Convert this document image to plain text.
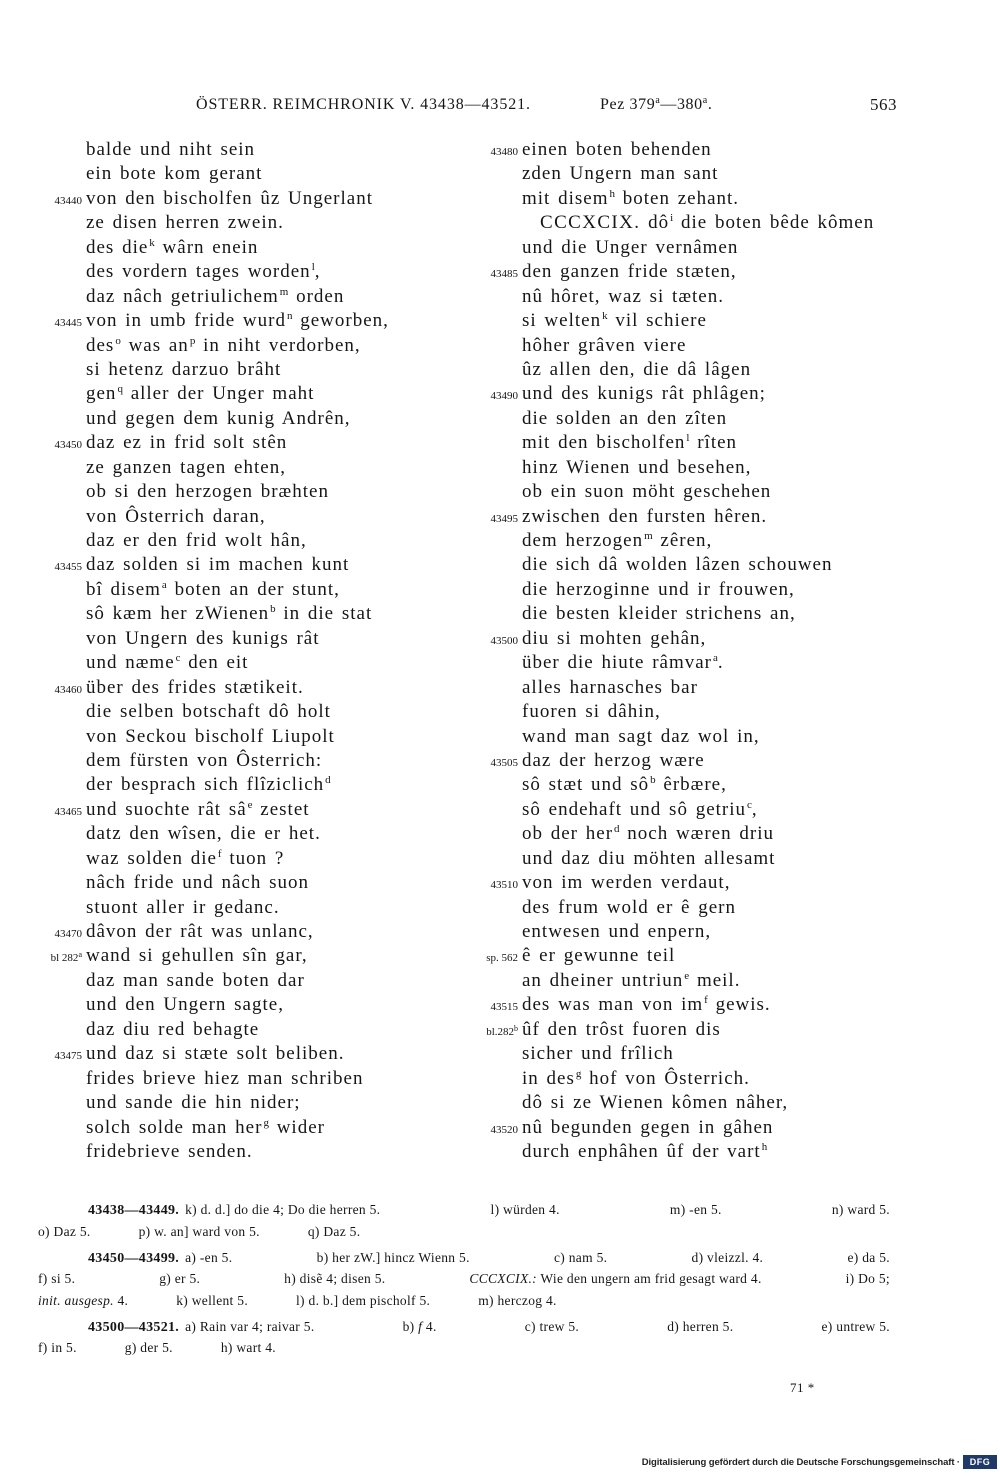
ÖSTERR. REIMCHRONIK V. 43438—43521.	Pez 379$^a$—380$^a$.	563
balde und niht sein
ein bote kom gerant
43440 von den bischolfen ûz Ungerlant
ze disen herren zwein.
des die$^k$ wârn enein
des vordern tages worden$^l$,
daz nâch getriulichem$^m$ orden
43445 von in umb fride wurd$^n$ geworben,
des$^o$ was $an^p$ in niht verdorben,
si hetenz darzuo brâht
gen$^q$ aller der Unger maht
und gegen dem kunig Andrên,
43450 daz ez in frid solt stên
ze ganzen tagen ehten,
ob si den herzogen bræhten
von Ôsterrich daran,
daz er den frid wolt hân,
43455 daz solden si im machen kunt
bî disem$^a$ boten an der stunt,
sô kæm her zWienen$^b$ in die stat
von Ungern des kunigs rât
und næme$^c$ den eit
43460 über des frides stætikeit.
die selben botschaft dô holt
von Seckou bischolf Liupolt
dem fürsten von Ôsterrich:
der besprach sich flîziclich$^d$
43465 und suochte rât $sâ^e$ zestet
datz den wîsen, die er het.
waz solden die$^f$ tuon ?
nâch fride und nâch suon
stuont aller ir gedanc.
43470 dâvon der rât was unlanc,
bl 282$^a$ wand si gehullen sîn gar,
daz man sande boten dar
und den Ungern sagte,
daz diu red behagte
43475 und daz si stæte solt beliben.
frides brieve hiez man schriben
und sande die hin nider;
solch solde man her$^g$ wider
fridebrieve senden.
43480 einen boten behenden
zden Ungern man sant
mit disem$^h$ boten zehant.
CCCXCIX. $dô^i$ die boten bêde kômen
und die Unger vernâmen
43485 den ganzen fride stæten,
nû hôret, waz si tæten.
si welten$^k$ vil schiere
hôher grâven viere
ûz allen den, die dâ lâgen
43490 und des kunigs rât phlâgen;
die solden an den zîten
mit den bischolfen$^l$ rîten
hinz Wienen und besehen,
ob ein suon möht geschehen
43495 zwischen den fursten hêren.
dem herzogen$^m$ zêren,
die sich dâ wolden lâzen schouwen
die herzoginne und ir frouwen,
die besten kleider strichens an,
43500 diu si mohten gehân,
über die hiute râmvar$^a$.
alles harnasches bar
fuoren si dâhin,
wand man sagt daz wol in,
43505 daz der herzog wære
sô stæt und $sô^b$ êrbære,
sô endehaft und sô getriu$^c$,
ob der her$^d$ noch wæren driu
und daz diu möhten allesamt
43510 von im werden verdaut,
des frum wold er ê gern
entwesen und enpern,
sp. 562 ê er gewunne teil
an dheiner untriun$^e$ meil.
43515 des was man von $im^f$ gewis.
bl.282$^b$ ûf den trôst fuoren dis
sicher und frîlich
in des$^g$ hof von Ôsterrich.
dô si ze Wienen kômen nâher,
43520 nû begunden gegen in gâhen
durch enphâhen ûf der vart$^h$
43438—43449. k) d. d.] do die 4; Do die herren 5.	l) würden 4.	m) -en 5.	n) ward 5.
o) Daz 5.	p) w. an] ward von 5.	q) Daz 5.
43450—43499. a) -en 5.	b) her zW.] hincz Wienn 5.	c) nam 5.	d) vleizzl. 4.	e) da 5.
f) si 5.	g) er 5.	h) disẽ 4; disen 5.	CCCXCIX.: Wie den ungern am frid gesagt ward 4.	i) Do 5;
init. ausgesp. 4.	k) wellent 5.	l) d. b.] dem pischolf 5.	m) herczog 4.
43500—43521. a) Rain var 4; raivar 5.	b) f 4.	c) trew 5.	d) herren 5.	e) untrew 5.
f) in 5.	g) der 5.	h) wart 4.
71 *
Digitalisierung gefördert durch die Deutsche Forschungsgemeinschaft ·	DFG
